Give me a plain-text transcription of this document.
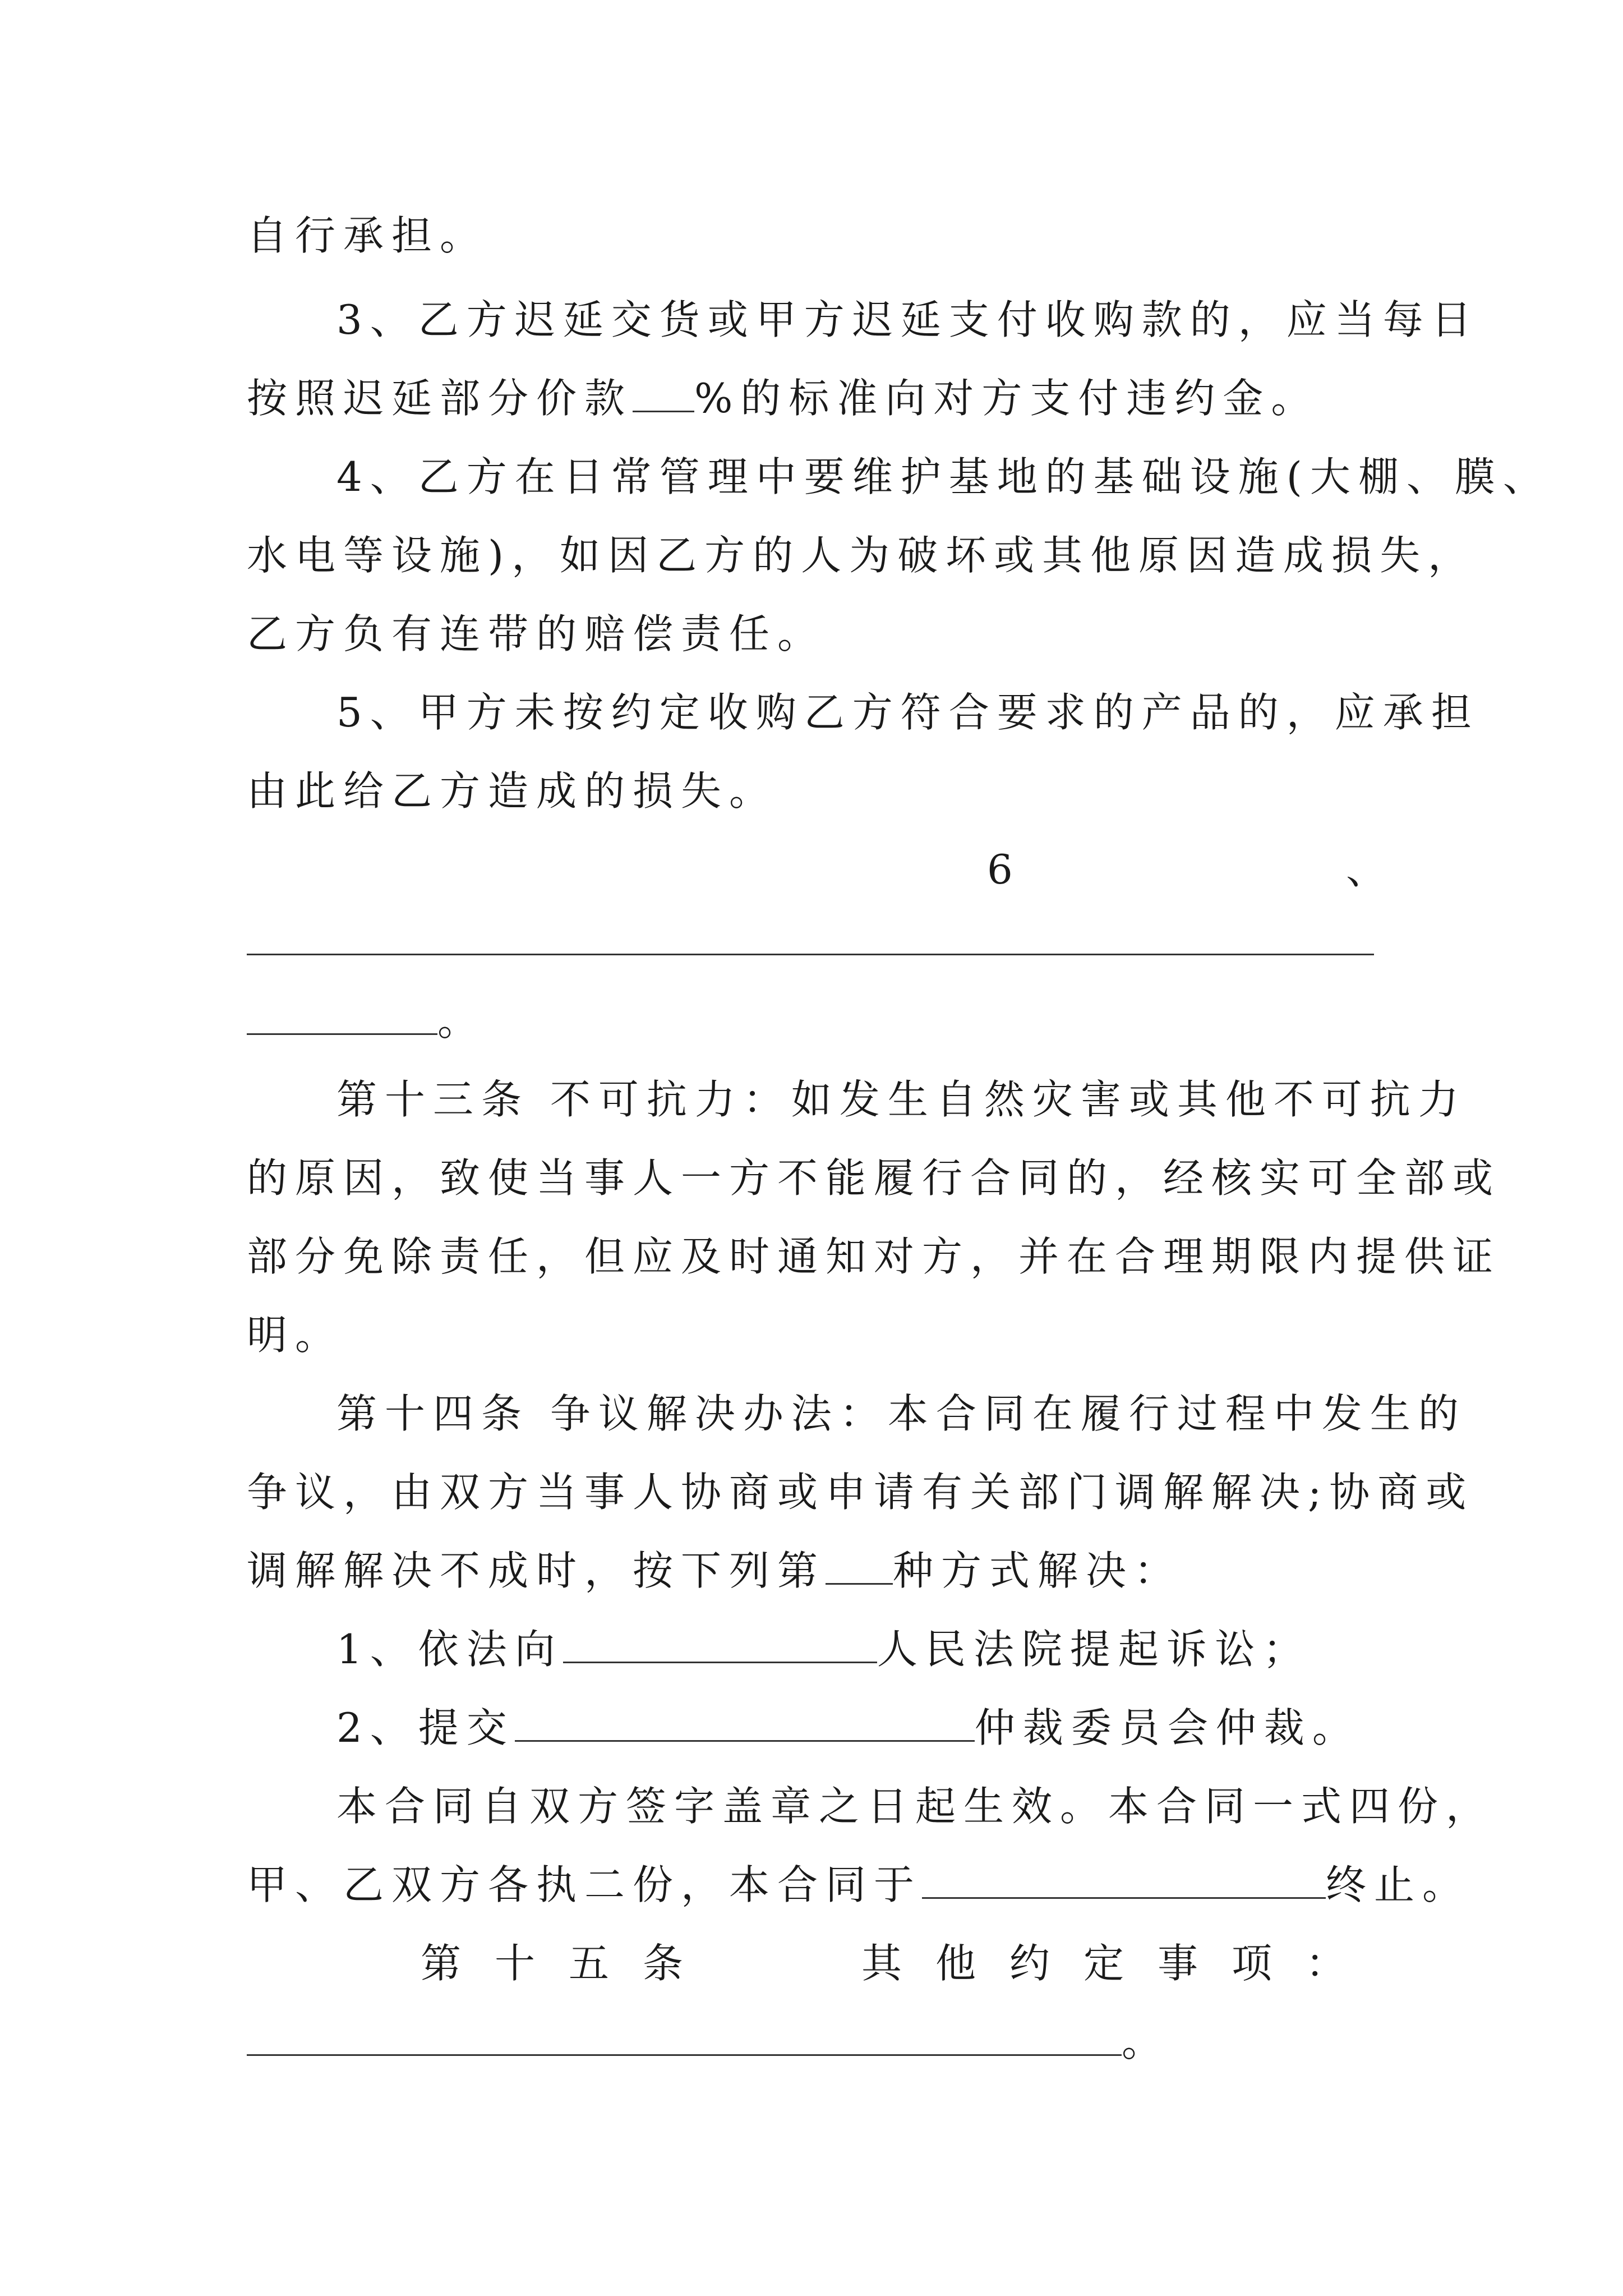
自行承担。
3、乙方迟延交货或甲方迟延支付收购款的，应当每日
按照迟延部分价款 %的标准向对方支付违约金。
4、乙方在日常管理中要维护基地的基础设施(大棚、膜、
水电等设施)，如因乙方的人为破坏或其他原因造成损失，
乙方负有连带的赔偿责任。
5、甲方未按约定收购乙方符合要求的产品的，应承担
由此给乙方造成的损失。
6	、
。
第十三条 不可抗力：如发生自然灾害或其他不可抗力
的原因，致使当事人一方不能履行合同的，经核实可全部或
部分免除责任，但应及时通知对方，并在合理期限内提供证
明。
第十四条 争议解决办法：本合同在履行过程中发生的
争议，由双方当事人协商或申请有关部门调解解决;协商或
调解解决不成时，按下列第 种方式解决：
1、依法向	人民法院提起诉讼；
2、提交	仲裁委员会仲裁。
本合同自双方签字盖章之日起生效。本合同一式四份，
甲、乙双方各执二份，本合同于	终止。
第十五条	其他约定事项：
。
